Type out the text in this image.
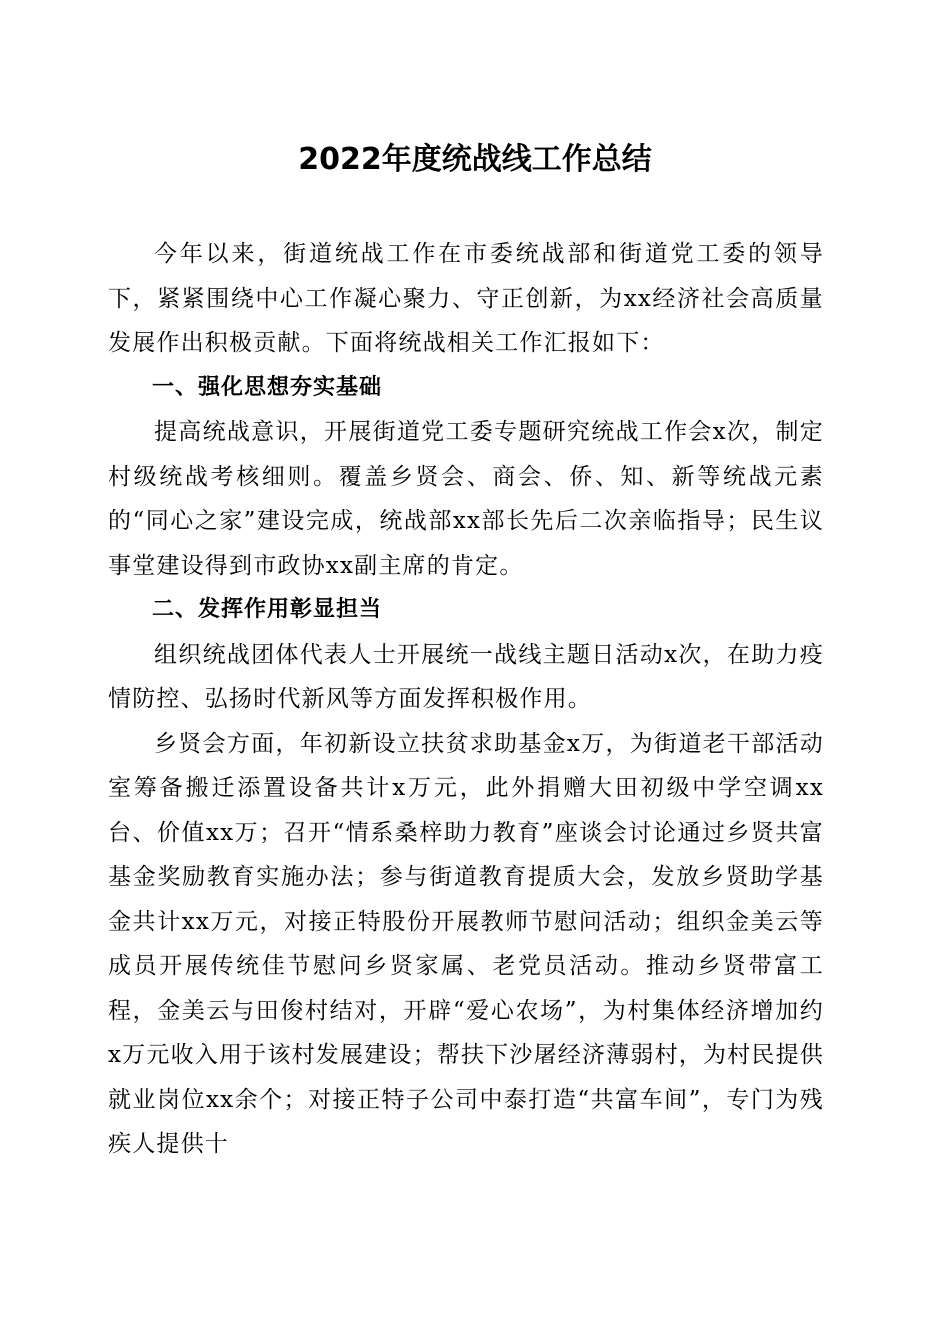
2022年度统战线工作总结

今年以来，街道统战工作在市委统战部和街道党工委的领导下，紧紧围绕中心工作凝心聚力、守正创新，为xx经济社会高质量发展作出积极贡献。下面将统战相关工作汇报如下：

一、强化思想夯实基础

提高统战意识，开展街道党工委专题研究统战工作会x次，制定村级统战考核细则。覆盖乡贤会、商会、侨、知、新等统战元素的“同心之家”建设完成，统战部xx部长先后二次亲临指导；民生议事堂建设得到市政协xx副主席的肯定。

二、发挥作用彰显担当

组织统战团体代表人士开展统一战线主题日活动x次，在助力疫情防控、弘扬时代新风等方面发挥积极作用。

乡贤会方面，年初新设立扶贫求助基金x万，为街道老干部活动室筹备搬迁添置设备共计x万元，此外捐赠大田初级中学空调xx台、价值xx万；召开“情系桑梓助力教育”座谈会讨论通过乡贤共富基金奖励教育实施办法；参与街道教育提质大会，发放乡贤助学基金共计xx万元，对接正特股份开展教师节慰问活动；组织金美云等成员开展传统佳节慰问乡贤家属、老党员活动。推动乡贤带富工程，金美云与田俊村结对，开辟“爱心农场”，为村集体经济增加约x万元收入用于该村发展建设；帮扶下沙屠经济薄弱村，为村民提供就业岗位xx余个；对接正特子公司中泰打造“共富车间”，专门为残疾人提供十
